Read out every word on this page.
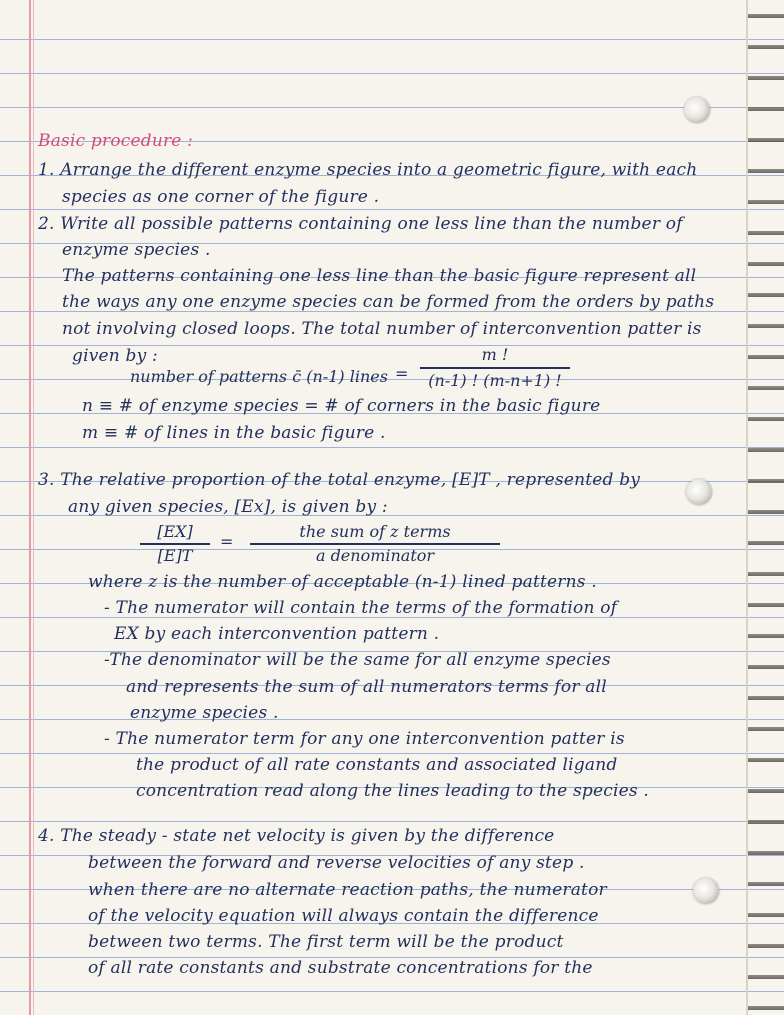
Basic procedure :
1. Arrange the different enzyme species into a geometric figure, with each
species as one corner of the figure .
2. Write all possible patterns containing one less line than the number of
enzyme species .
The patterns containing one less line than the basic figure represent all
the ways any one enzyme species can be formed from the orders by paths
not involving closed loops. The total number of interconvention patter is
given by :
number of patterns c̄ (n-1) lines =
m !
(n-1) ! (m-n+1) !
n ≡ # of enzyme species = # of corners in the basic figure
m ≡ # of lines in the basic figure .
3. The relative proportion of the total enzyme, [E]T , represented by
any given species, [Ex], is given by :
[EX]
[E]T
=
the sum of z terms
a denominator
where z is the number of acceptable (n-1) lined patterns .
- The numerator will contain the terms of the formation of
EX by each interconvention pattern .
-The denominator will be the same for all enzyme species
and represents the sum of all numerators terms for all
enzyme species .
- The numerator term for any one interconvention patter is
the product of all rate constants and associated ligand
concentration read along the lines leading to the species .
4. The steady - state net velocity is given by the difference
between the forward and reverse velocities of any step .
when there are no alternate reaction paths, the numerator
of the velocity equation will always contain the difference
between two terms. The first term will be the product
of all rate constants and substrate concentrations for the
